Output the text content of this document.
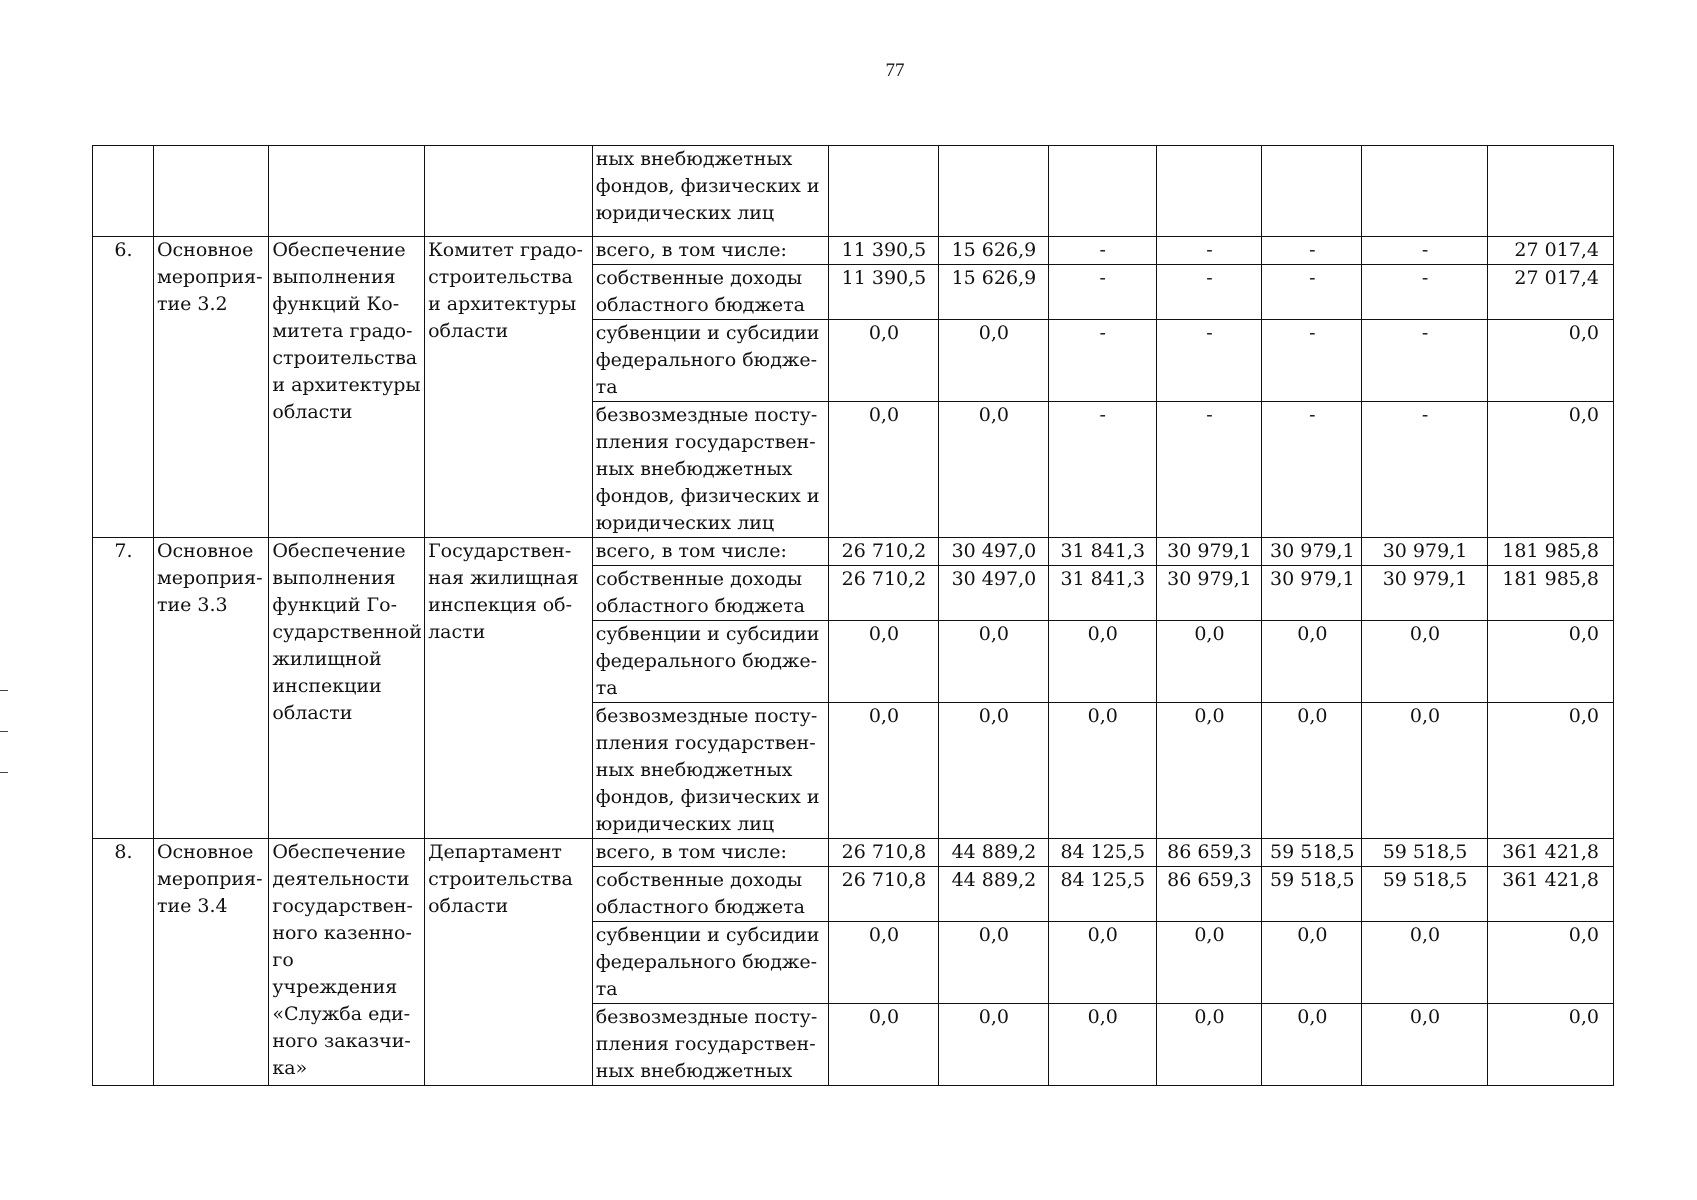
77
				ных внебюджетных фондов, физических и юридических лиц							
6.	Основное мероприя-тие 3.2	Обеспечение выполнения функций Ко-митета градо-строительства и архитектуры области	Комитет градо-строительства и архитектуры области	всего, в том числе:	11 390,5	15 626,9	-	-	-	-	27 017,4
				собственные доходы областного бюджета	11 390,5	15 626,9	-	-	-	-	27 017,4
				субвенции и субсидии федерального бюдже-та	0,0	0,0	-	-	-	-	0,0
				безвозмездные посту-пления государствен-ных внебюджетных фондов, физических и юридических лиц	0,0	0,0	-	-	-	-	0,0
7.	Основное мероприя-тие 3.3	Обеспечение выполнения функций Го-сударственной жилищной инспекции области	Государствен-ная жилищная инспекция об-ласти	всего, в том числе:	26 710,2	30 497,0	31 841,3	30 979,1	30 979,1	30 979,1	181 985,8
				собственные доходы областного бюджета	26 710,2	30 497,0	31 841,3	30 979,1	30 979,1	30 979,1	181 985,8
				субвенции и субсидии федерального бюдже-та	0,0	0,0	0,0	0,0	0,0	0,0	0,0
				безвозмездные посту-пления государствен-ных внебюджетных фондов, физических и юридических лиц	0,0	0,0	0,0	0,0	0,0	0,0	0,0
8.	Основное мероприя-тие 3.4	Обеспечение деятельности государствен-ного казенно-го учреждения «Служба еди-ного заказчи-ка»	Департамент строительства области	всего, в том числе:	26 710,8	44 889,2	84 125,5	86 659,3	59 518,5	59 518,5	361 421,8
				собственные доходы областного бюджета	26 710,8	44 889,2	84 125,5	86 659,3	59 518,5	59 518,5	361 421,8
				субвенции и субсидии федерального бюдже-та	0,0	0,0	0,0	0,0	0,0	0,0	0,0
				безвозмездные посту-пления государствен-ных внебюджетных	0,0	0,0	0,0	0,0	0,0	0,0	0,0
